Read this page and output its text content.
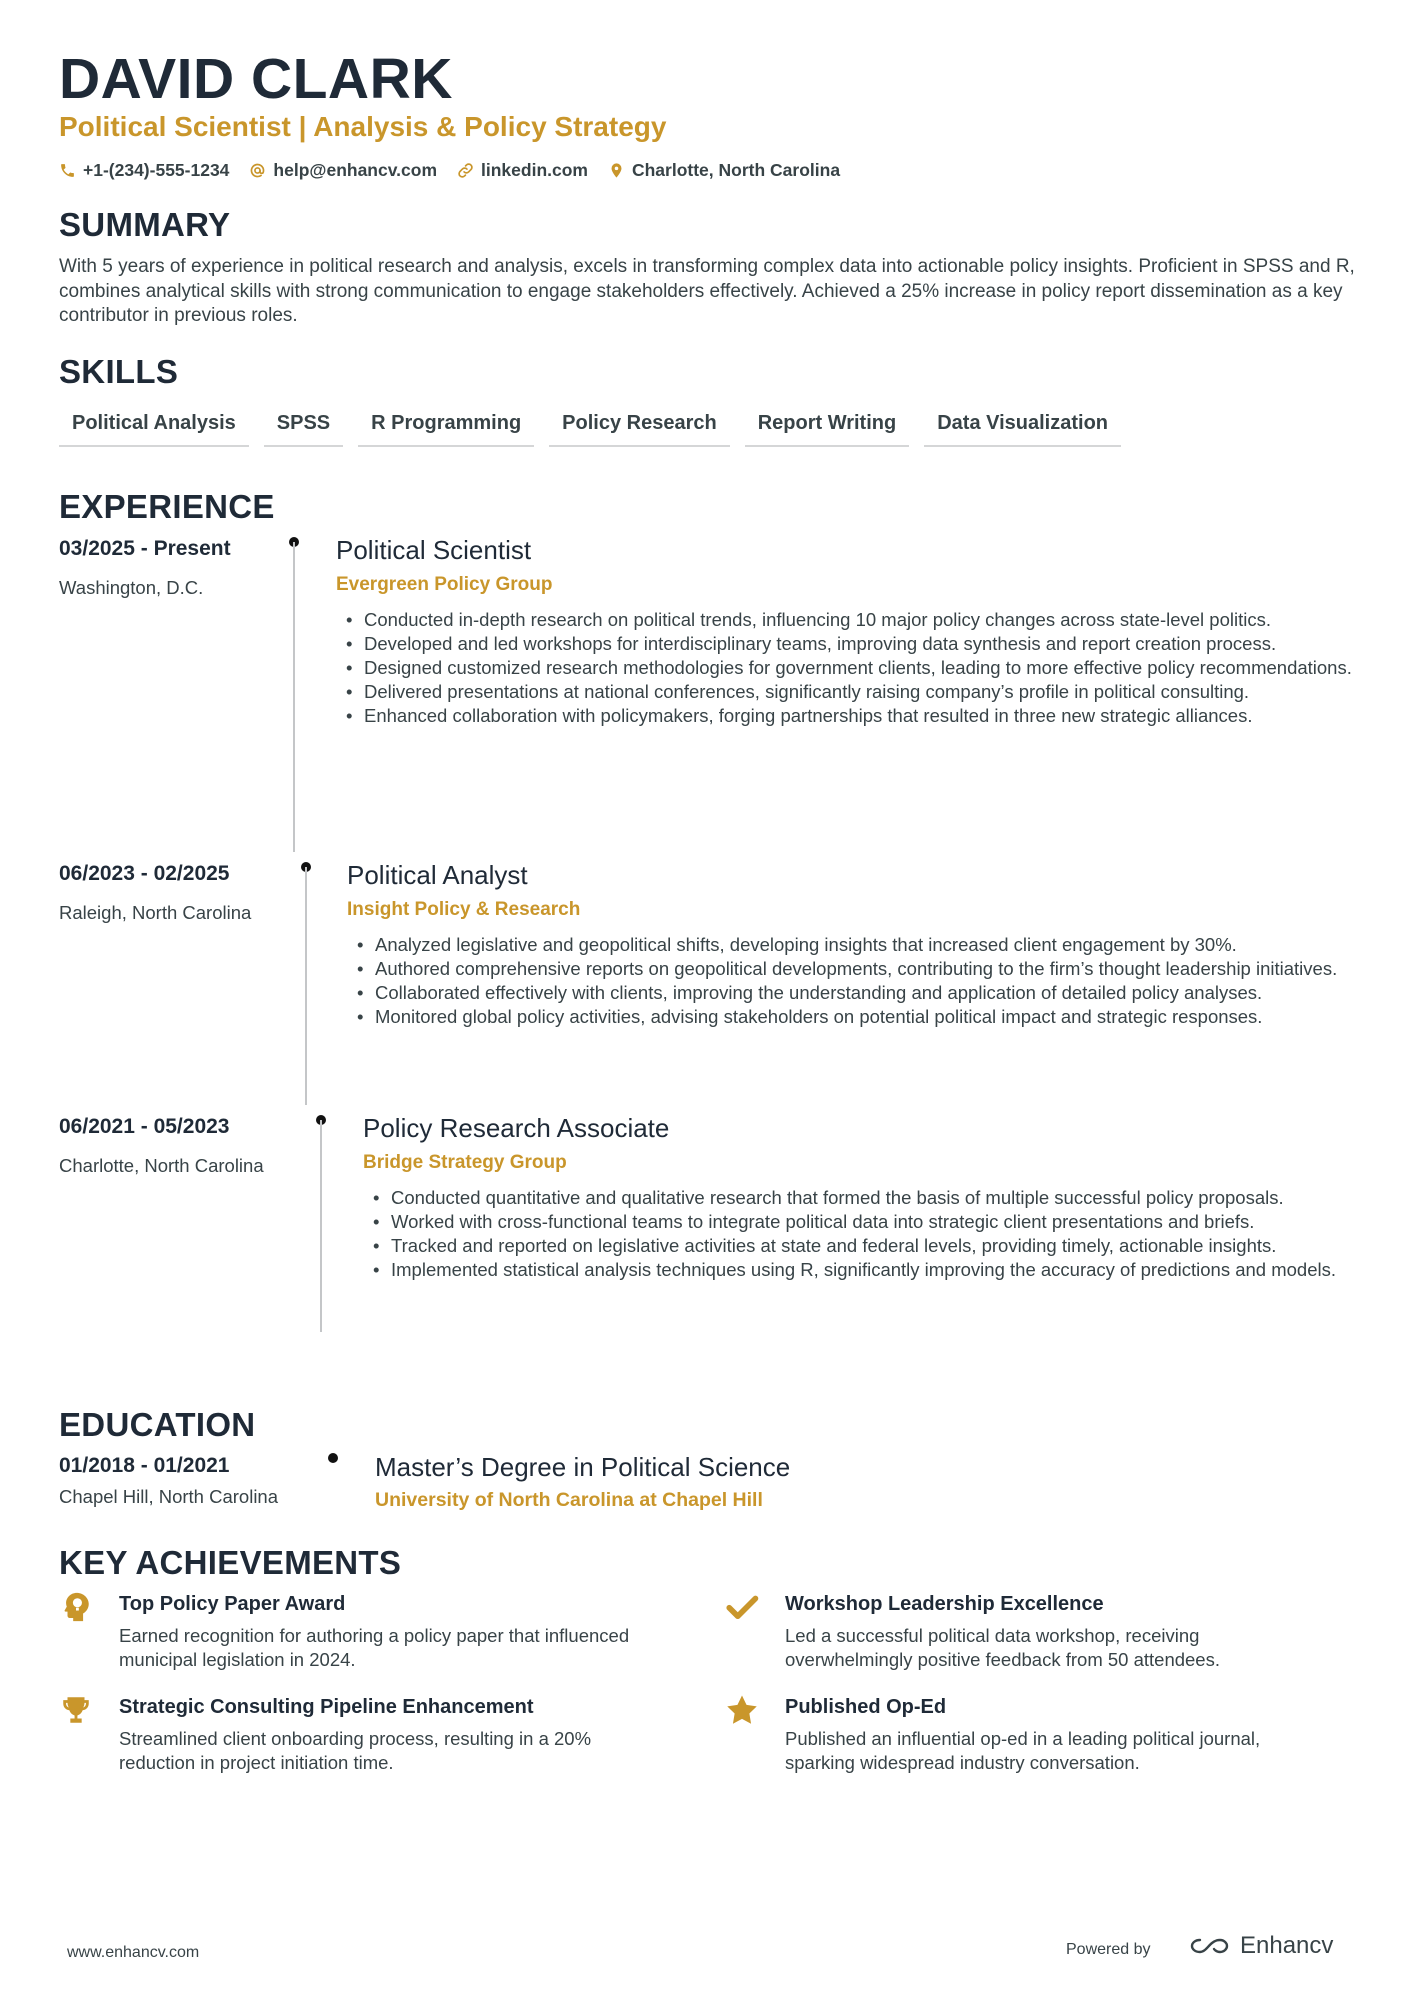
DAVID CLARK
Political Scientist | Analysis & Policy Strategy
+1-(234)-555-1234	help@enhancv.com	linkedin.com	Charlotte, North Carolina
SUMMARY
With 5 years of experience in political research and analysis, excels in transforming complex data into actionable policy insights. Proficient in SPSS and R, combines analytical skills with strong communication to engage stakeholders effectively. Achieved a 25% increase in policy report dissemination as a key contributor in previous roles.
SKILLS
Political Analysis	SPSS	R Programming	Policy Research	Report Writing	Data Visualization
EXPERIENCE
03/2025 - Present
Washington, D.C.
Political Scientist
Evergreen Policy Group
• Conducted in-depth research on political trends, influencing 10 major policy changes across state-level politics.
• Developed and led workshops for interdisciplinary teams, improving data synthesis and report creation process.
• Designed customized research methodologies for government clients, leading to more effective policy recommendations.
• Delivered presentations at national conferences, significantly raising company’s profile in political consulting.
• Enhanced collaboration with policymakers, forging partnerships that resulted in three new strategic alliances.
06/2023 - 02/2025
Raleigh, North Carolina
Political Analyst
Insight Policy & Research
• Analyzed legislative and geopolitical shifts, developing insights that increased client engagement by 30%.
• Authored comprehensive reports on geopolitical developments, contributing to the firm’s thought leadership initiatives.
• Collaborated effectively with clients, improving the understanding and application of detailed policy analyses.
• Monitored global policy activities, advising stakeholders on potential political impact and strategic responses.
06/2021 - 05/2023
Charlotte, North Carolina
Policy Research Associate
Bridge Strategy Group
• Conducted quantitative and qualitative research that formed the basis of multiple successful policy proposals.
• Worked with cross-functional teams to integrate political data into strategic client presentations and briefs.
• Tracked and reported on legislative activities at state and federal levels, providing timely, actionable insights.
• Implemented statistical analysis techniques using R, significantly improving the accuracy of predictions and models.
EDUCATION
01/2018 - 01/2021
Chapel Hill, North Carolina
Master’s Degree in Political Science
University of North Carolina at Chapel Hill
KEY ACHIEVEMENTS
Top Policy Paper Award
Earned recognition for authoring a policy paper that influenced municipal legislation in 2024.
Workshop Leadership Excellence
Led a successful political data workshop, receiving overwhelmingly positive feedback from 50 attendees.
Strategic Consulting Pipeline Enhancement
Streamlined client onboarding process, resulting in a 20% reduction in project initiation time.
Published Op-Ed
Published an influential op-ed in a leading political journal, sparking widespread industry conversation.
www.enhancv.com	Powered by	Enhancv
